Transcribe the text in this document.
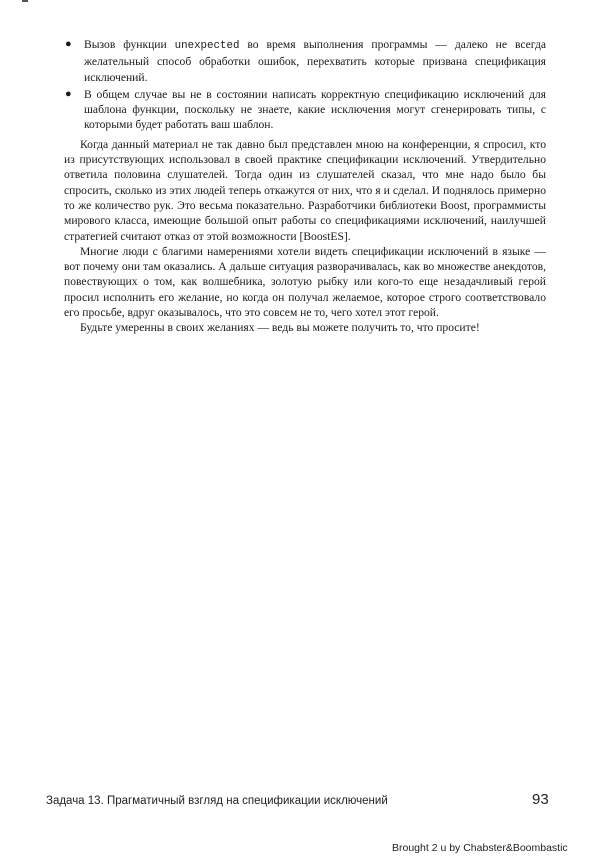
● Вызов функции unexpected во время выполнения программы — далеко не всегда желательный способ обработки ошибок, перехватить которые призвана спецификация исключений.
● В общем случае вы не в состоянии написать корректную спецификацию исключений для шаблона функции, поскольку не знаете, какие исключения могут сгенерировать типы, с которыми будет работать ваш шаблон.

Когда данный материал не так давно был представлен мною на конференции, я спросил, кто из присутствующих использовал в своей практике спецификации исключений. Утвердительно ответила половина слушателей. Тогда один из слушателей сказал, что мне надо было бы спросить, сколько из этих людей теперь откажутся от них, что я и сделал. И поднялось примерно то же количество рук. Это весьма показательно. Разработчики библиотеки Boost, программисты мирового класса, имеющие большой опыт работы со спецификациями исключений, наилучшей стратегией считают отказ от этой возможности [BoostES].

Многие люди с благими намерениями хотели видеть спецификации исключений в языке — вот почему они там оказались. А дальше ситуация разворачивалась, как во множестве анекдотов, повествующих о том, как волшебника, золотую рыбку или кого-то еще незадачливый герой просил исполнить его желание, но когда он получал желаемое, которое строго соответствовало его просьбе, вдруг оказывалось, что это совсем не то, чего хотел этот герой.

Будьте умеренны в своих желаниях — ведь вы можете получить то, что просите!

Задача 13. Прагматичный взгляд на спецификации исключений	93
Brought 2 u by Chabster&Boombastic
